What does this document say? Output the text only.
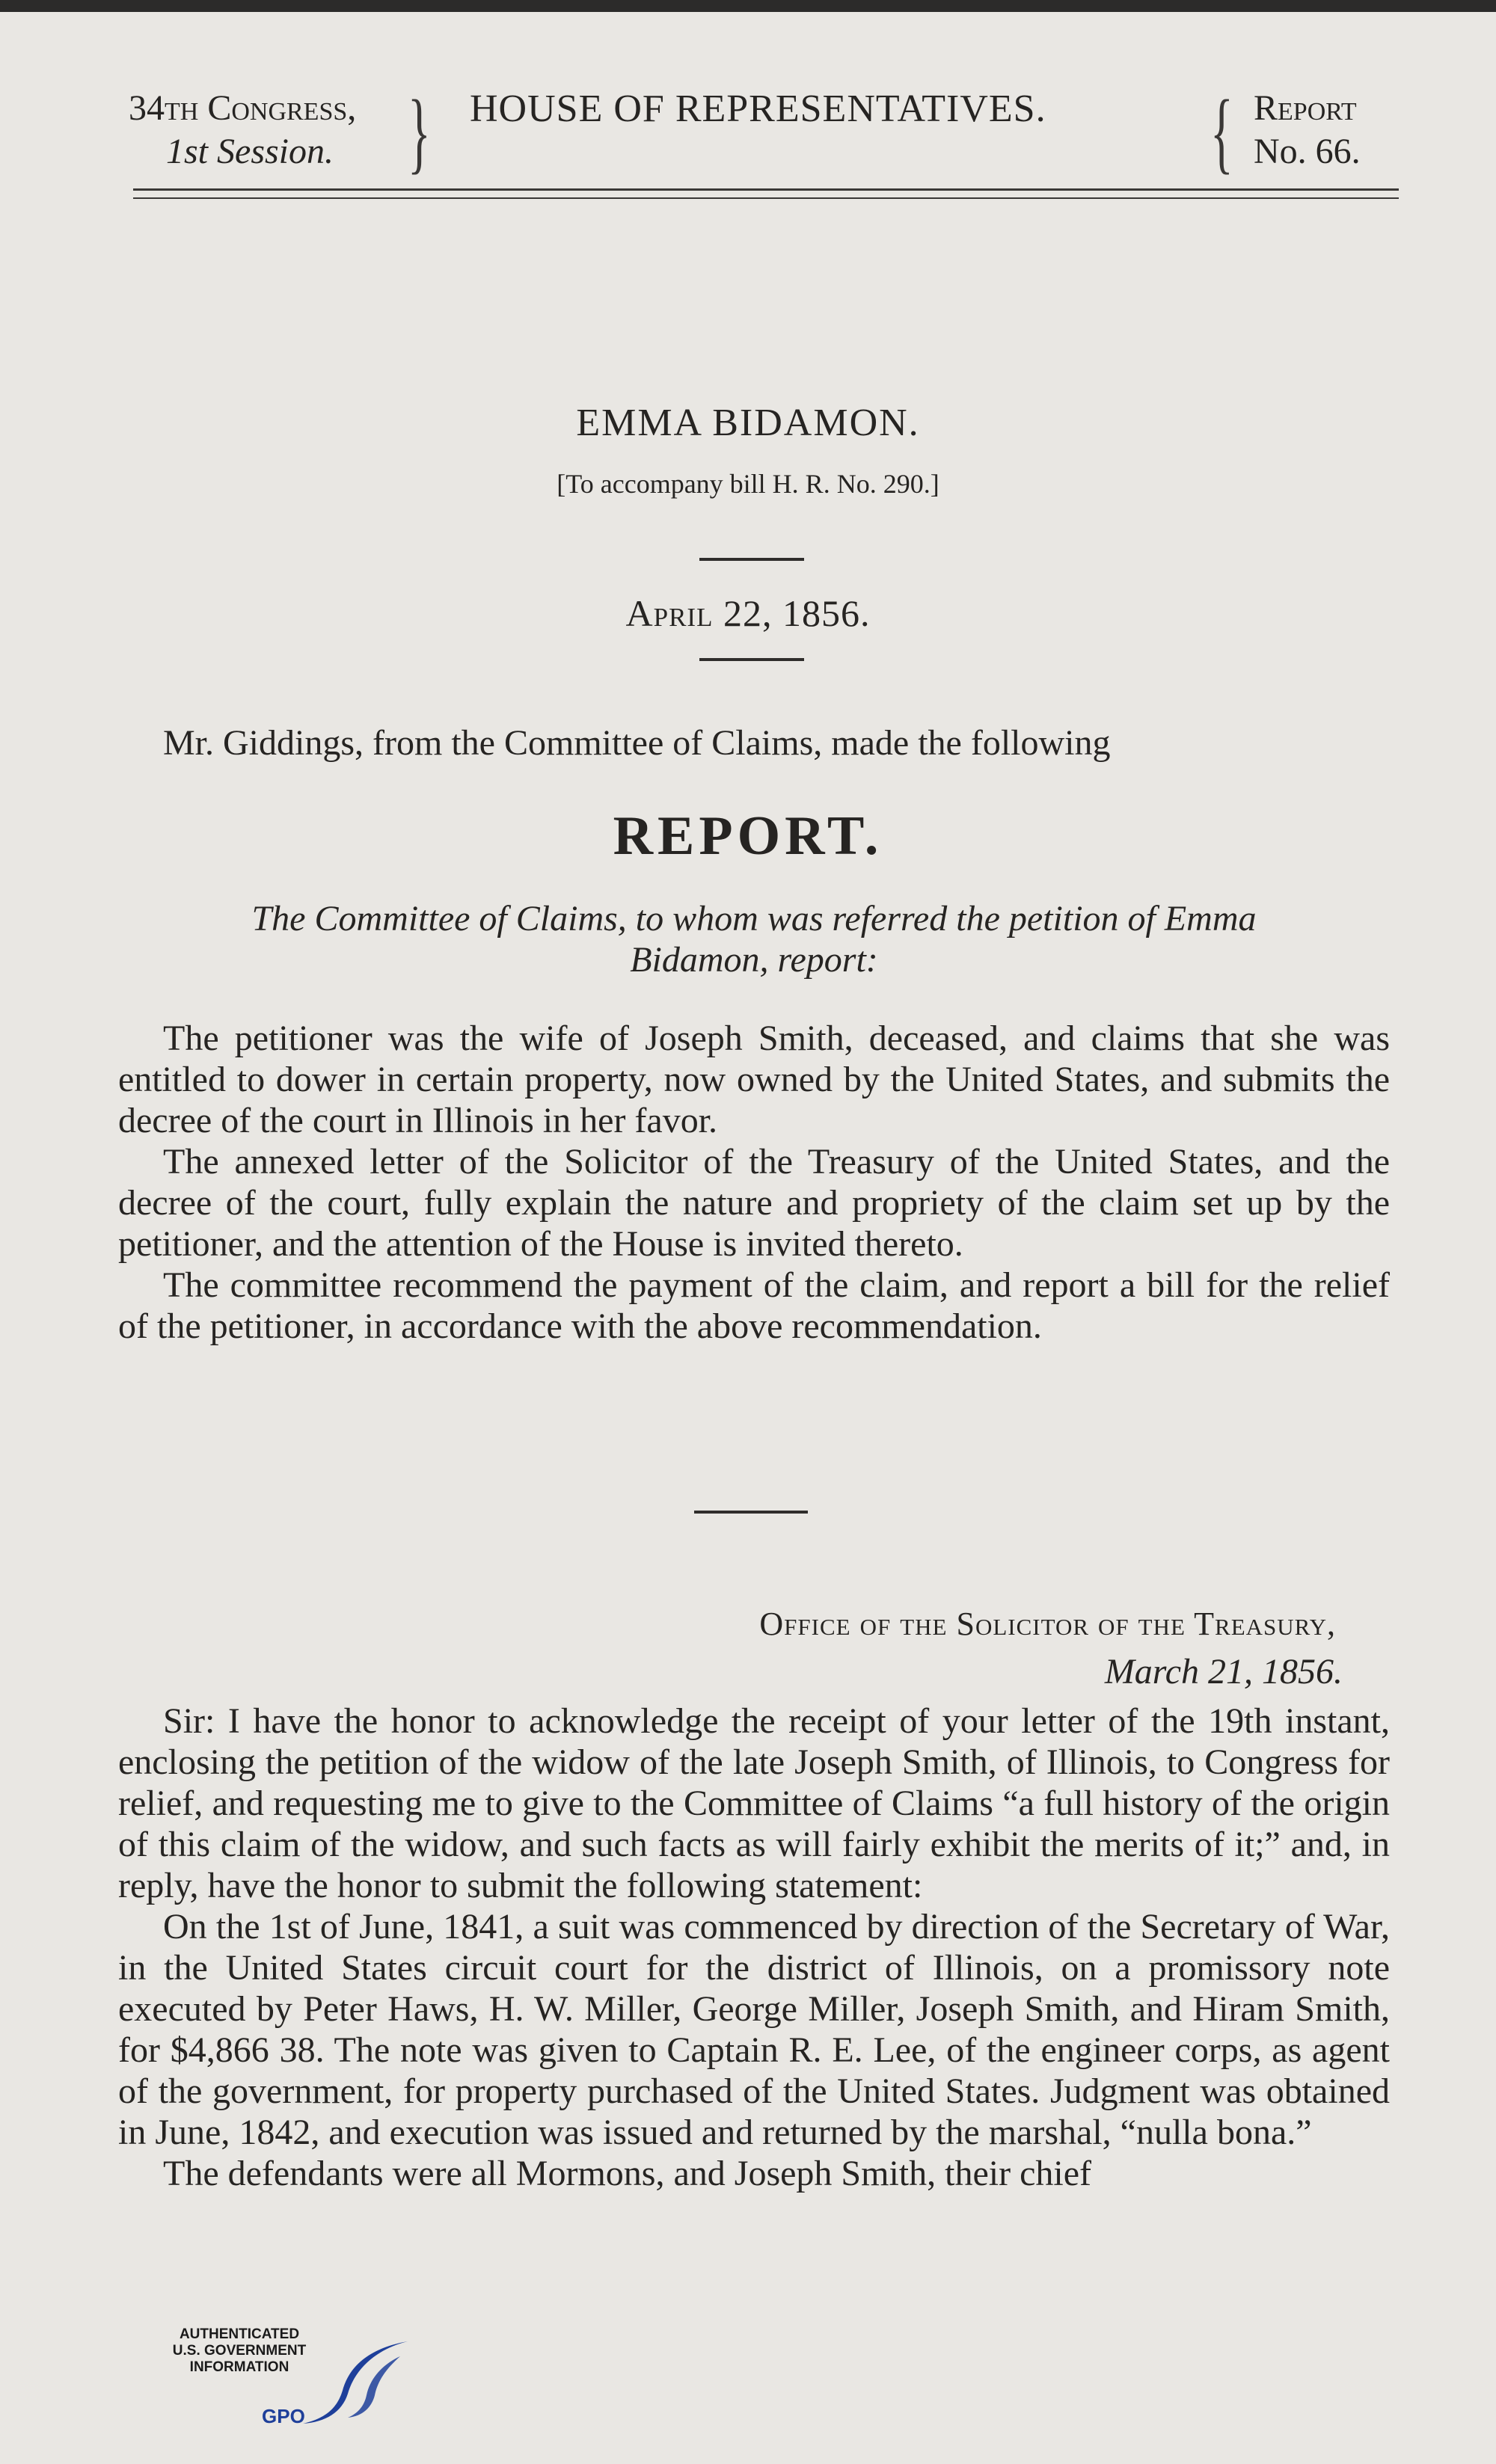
34th Congress,
1st Session.	} HOUSE OF REPRESENTATIVES.	{ Report
No. 66.
EMMA BIDAMON.
[To accompany bill H. R. No. 290.]
April 22, 1856.
Mr. Giddings, from the Committee of Claims, made the following
REPORT.
The Committee of Claims, to whom was referred the petition of Emma
Bidamon, report:

The petitioner was the wife of Joseph Smith, deceased, and claims that she was entitled to dower in certain property, now owned by the United States, and submits the decree of the court in Illinois in her favor.

The annexed letter of the Solicitor of the Treasury of the United States, and the decree of the court, fully explain the nature and propriety of the claim set up by the petitioner, and the attention of the House is invited thereto.

The committee recommend the payment of the claim, and report a bill for the relief of the petitioner, in accordance with the above recommendation.

Office of the Solicitor of the Treasury,
March 21, 1856.

Sir: I have the honor to acknowledge the receipt of your letter of the 19th instant, enclosing the petition of the widow of the late Joseph Smith, of Illinois, to Congress for relief, and requesting me to give to the Committee of Claims “a full history of the origin of this claim of the widow, and such facts as will fairly exhibit the merits of it;” and, in reply, have the honor to submit the following statement:

On the 1st of June, 1841, a suit was commenced by direction of the Secretary of War, in the United States circuit court for the district of Illinois, on a promissory note executed by Peter Haws, H. W. Miller, George Miller, Joseph Smith, and Hiram Smith, for $4,866 38. The note was given to Captain R. E. Lee, of the engineer corps, as agent of the government, for property purchased of the United States. Judgment was obtained in June, 1842, and execution was issued and returned by the marshal, “nulla bona.”

The defendants were all Mormons, and Joseph Smith, their chief

AUTHENTICATED
U.S. GOVERNMENT
INFORMATION
GPO
